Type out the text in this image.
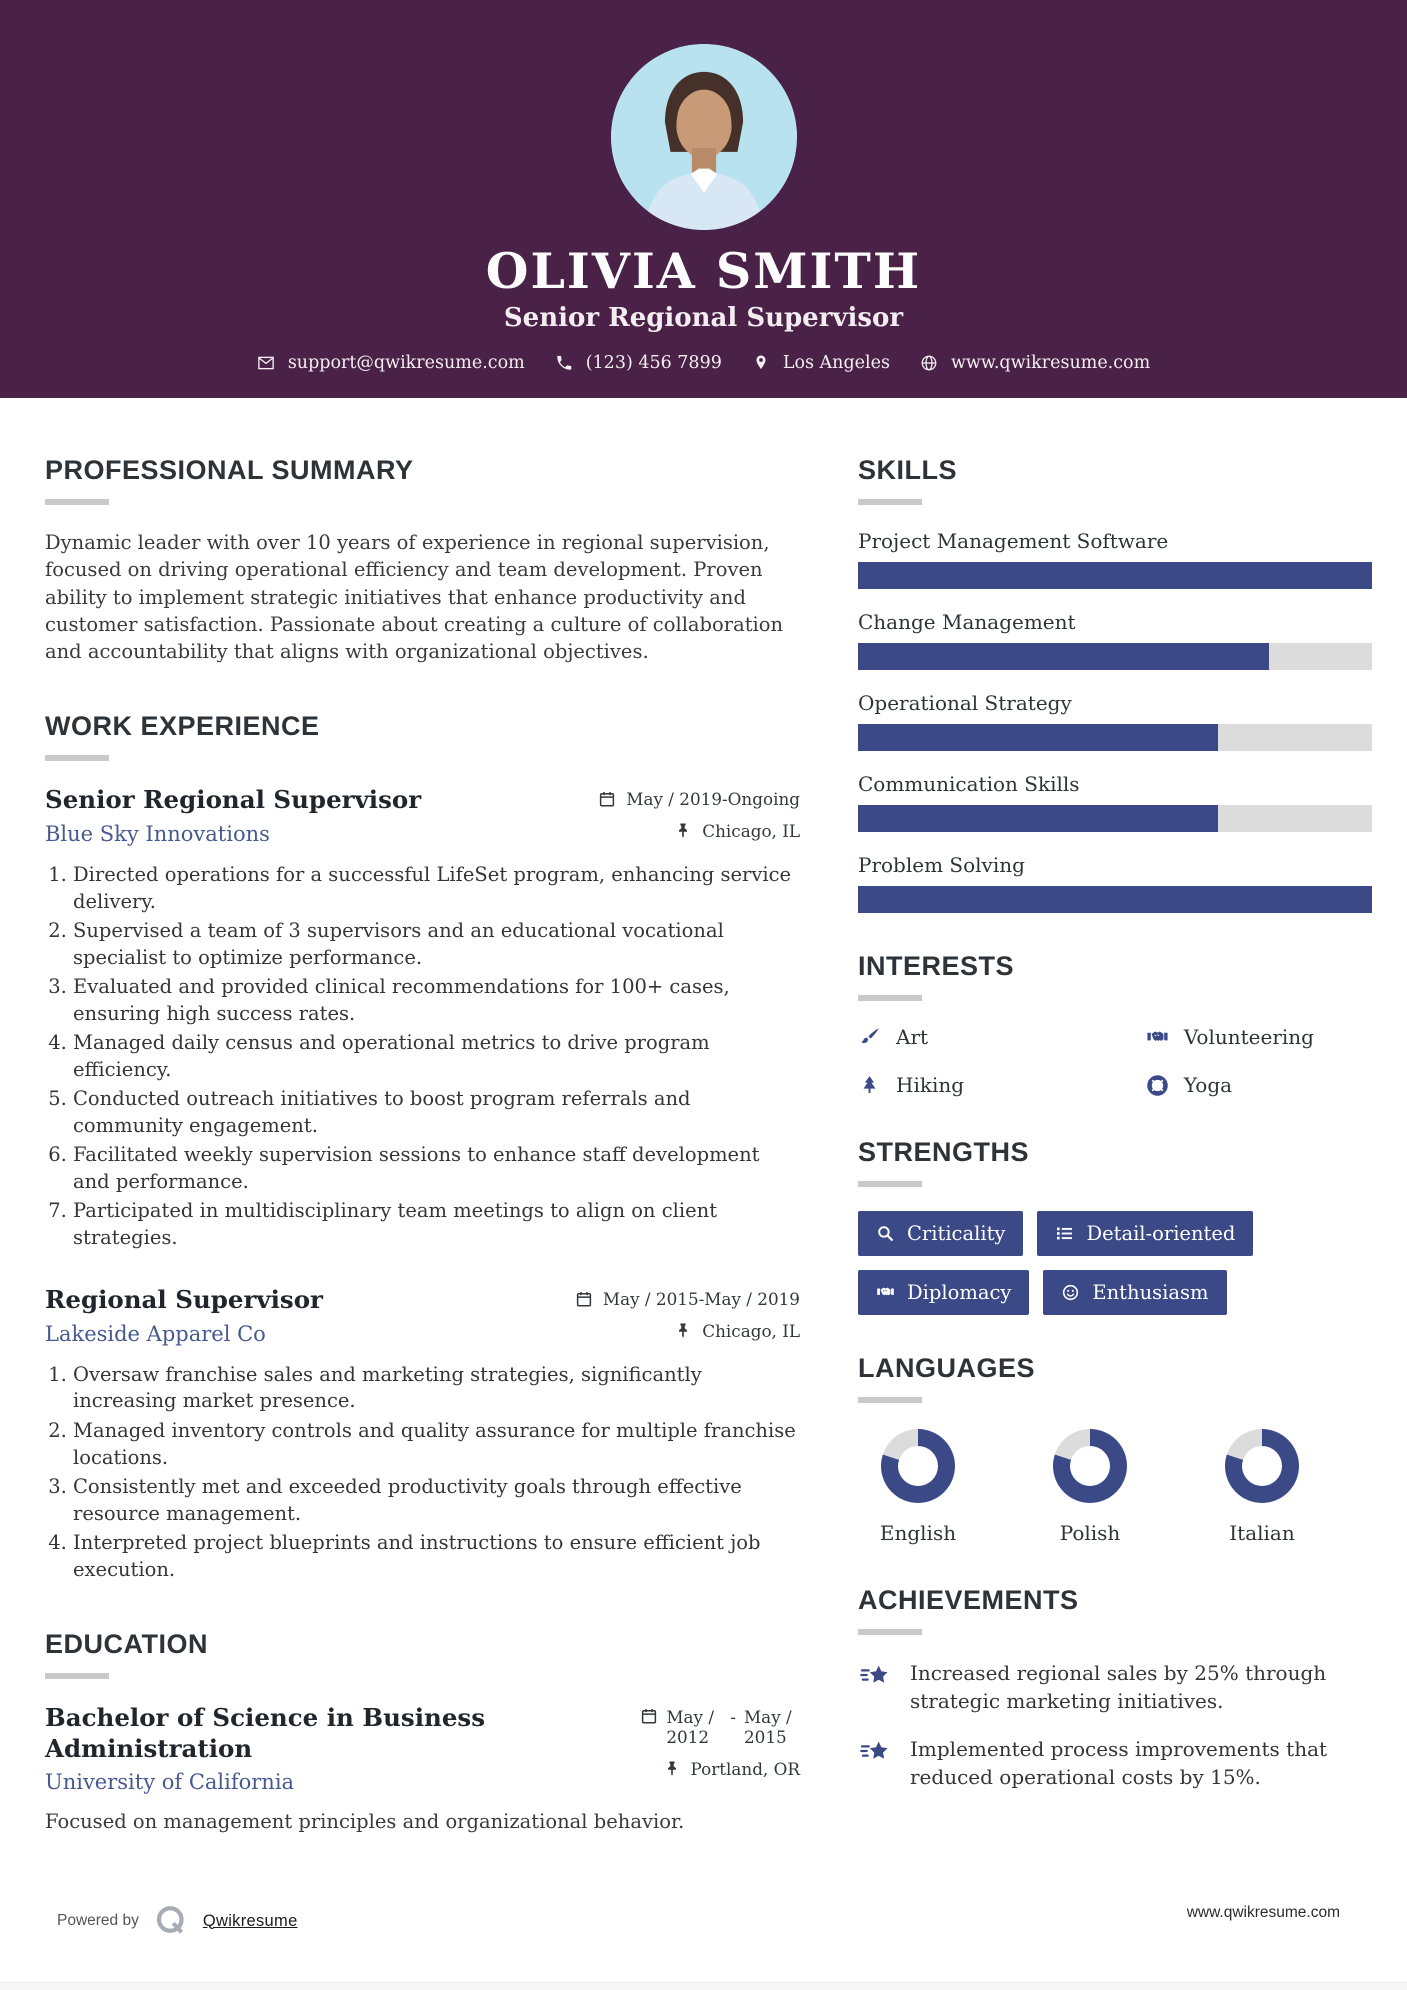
OLIVIA SMITH
Senior Regional Supervisor
support@qwikresume.com	(123) 456 7899	Los Angeles	www.qwikresume.com
PROFESSIONAL SUMMARY

Dynamic leader with over 10 years of experience in regional supervision, focused on driving operational efficiency and team development. Proven ability to implement strategic initiatives that enhance productivity and customer satisfaction. Passionate about creating a culture of collaboration and accountability that aligns with organizational objectives.

WORK EXPERIENCE
Senior Regional Supervisor
Blue Sky Innovations
May / 2019-Ongoing
Chicago, IL
1. Directed operations for a successful LifeSet program, enhancing service delivery.
2. Supervised a team of 3 supervisors and an educational vocational specialist to optimize performance.
3. Evaluated and provided clinical recommendations for 100+ cases, ensuring high success rates.
4. Managed daily census and operational metrics to drive program efficiency.
5. Conducted outreach initiatives to boost program referrals and community engagement.
6. Facilitated weekly supervision sessions to enhance staff development and performance.
7. Participated in multidisciplinary team meetings to align on client strategies.
Regional Supervisor
Lakeside Apparel Co
May / 2015-May / 2019
Chicago, IL
1. Oversaw franchise sales and marketing strategies, significantly increasing market presence.
2. Managed inventory controls and quality assurance for multiple franchise locations.
3. Consistently met and exceeded productivity goals through effective resource management.
4. Interpreted project blueprints and instructions to ensure efficient job execution.
EDUCATION
Bachelor of Science in Business Administration
University of California
May / 2012
- May / 2015
Portland, OR

Focused on management principles and organizational behavior.

SKILLS
Project Management Software
Change Management
Operational Strategy
Communication Skills
Problem Solving
INTERESTS
Art	Volunteering
Hiking	Yoga
STRENGTHS
Criticality	Detail-oriented
Diplomacy	Enthusiasm
LANGUAGES
English	Polish	Italian
ACHIEVEMENTS
Increased regional sales by 25% through strategic marketing initiatives.
Implemented process improvements that reduced operational costs by 15%.
Powered by	Qwikresume	www.qwikresume.com
